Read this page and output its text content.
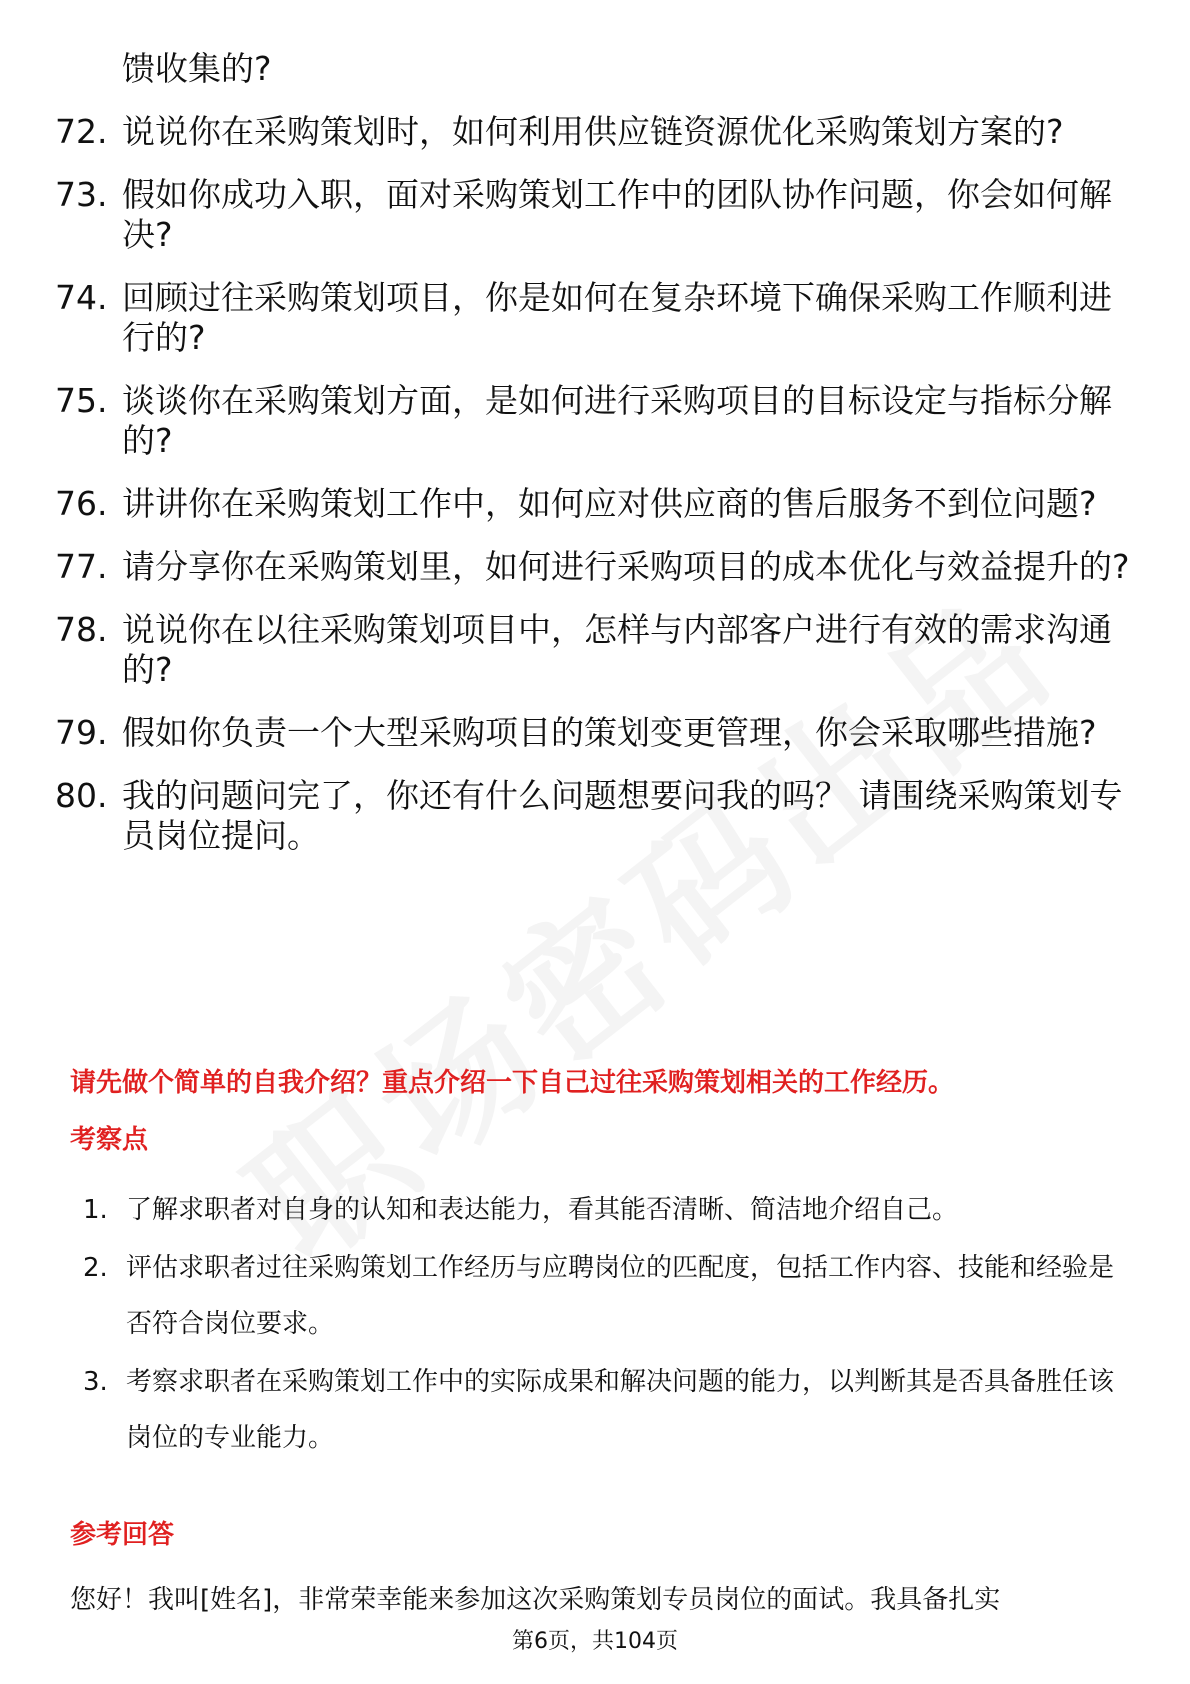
馈收集的?
72. 说说你在采购策划时，如何利用供应链资源优化采购策划方案的?
73. 假如你成功入职，面对采购策划工作中的团队协作问题，你会如何解决?
74. 回顾过往采购策划项目，你是如何在复杂环境下确保采购工作顺利进行的?
75. 谈谈你在采购策划方面，是如何进行采购项目的目标设定与指标分解的?
76. 讲讲你在采购策划工作中，如何应对供应商的售后服务不到位问题?
77. 请分享你在采购策划里，如何进行采购项目的成本优化与效益提升的?
78. 说说你在以往采购策划项目中，怎样与内部客户进行有效的需求沟通的?
79. 假如你负责一个大型采购项目的策划变更管理，你会采取哪些措施?
80. 我的问题问完了，你还有什么问题想要问我的吗？ 请围绕采购策划专员岗位提问。
请先做个简单的自我介绍？重点介绍一下自己过往采购策划相关的工作经历。
考察点
1. 了解求职者对自身的认知和表达能力，看其能否清晰、简洁地介绍自己。
2. 评估求职者过往采购策划工作经历与应聘岗位的匹配度，包括工作内容、技能和经验是否符合岗位要求。
3. 考察求职者在采购策划工作中的实际成果和解决问题的能力，以判断其是否具备胜任该岗位的专业能力。
参考回答
您好！我叫[姓名]，非常荣幸能来参加这次采购策划专员岗位的面试。我具备扎实
第6页，共104页
